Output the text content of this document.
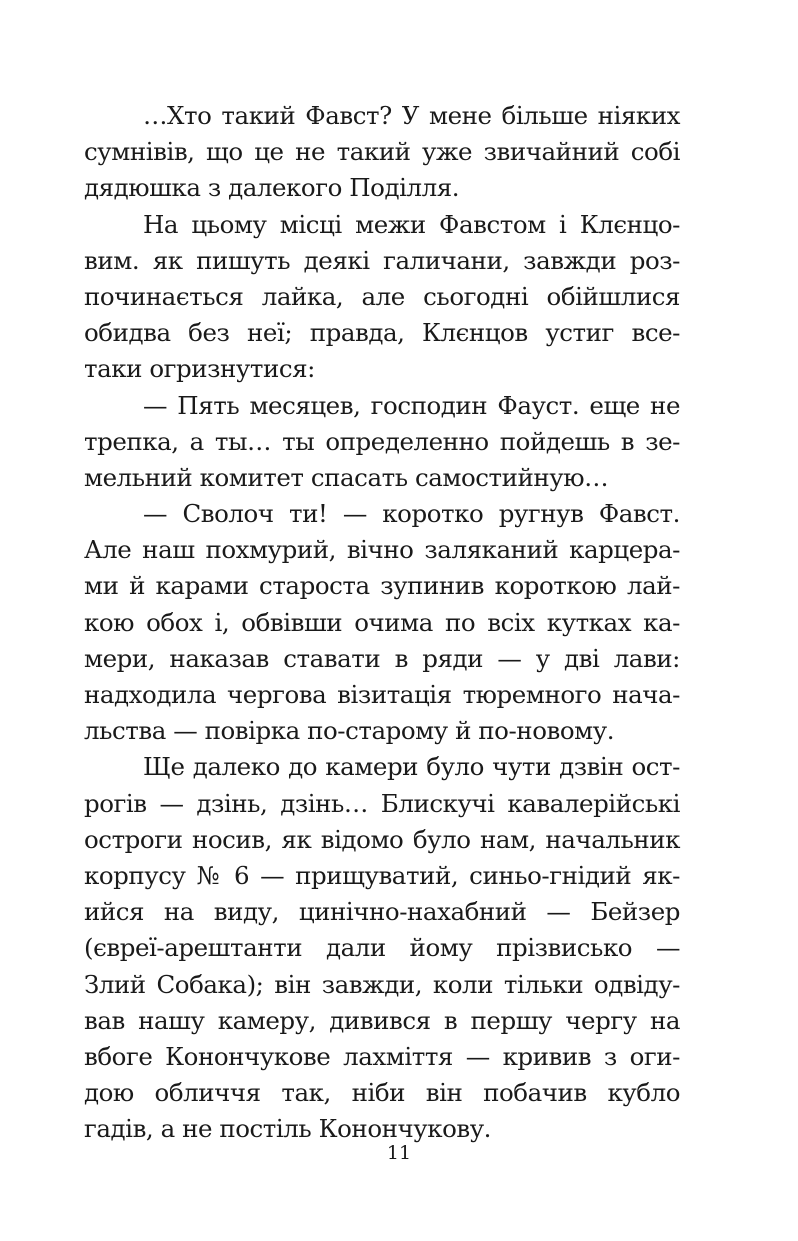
…Хто такий Фавст? У мене більше ніяких
сумнівів, що це не такий уже звичайний собі
дядюшка з далекого Поділля.

На цьому місці межи Фавстом і Клєнцо-
вим. як пишуть деякі галичани, завжди роз-
починається лайка, але сьогодні обійшлися
обидва без неї; правда, Клєнцов устиг все-
таки огризнутися:

— Пять месяцев, господин Фауст. еще не
трепка, а ты… ты определенно пойдешь в зе-
мельний комитет спасать самостийную…

— Сволоч ти! — коротко ругнув Фавст.
Але наш похмурий, вічно заляканий карцера-
ми й карами староста зупинив короткою лай-
кою обох і, обвівши очима по всіх кутках ка-
мери, наказав ставати в ряди — у дві лави:
надходила чергова візитація тюремного нача-
льства — повірка по-старому й по-новому.

Ще далеко до камери було чути дзвін ост-
рогів — дзінь, дзінь… Блискучі кавалерійські
остроги носив, як відомо було нам, начальник
корпусу № 6 — прищуватий, синьо-гнідий як-
ийся на виду, цинічно-нахабний — Бейзер
(євреї-арештанти дали йому прізвисько —
Злий Собака); він завжди, коли тільки одвіду-
вав нашу камеру, дивився в першу чергу на
вбоге Конончукове лахміття — кривив з оги-
дою обличчя так, ніби він побачив кубло
гадів, а не постіль Конончукову.

11
